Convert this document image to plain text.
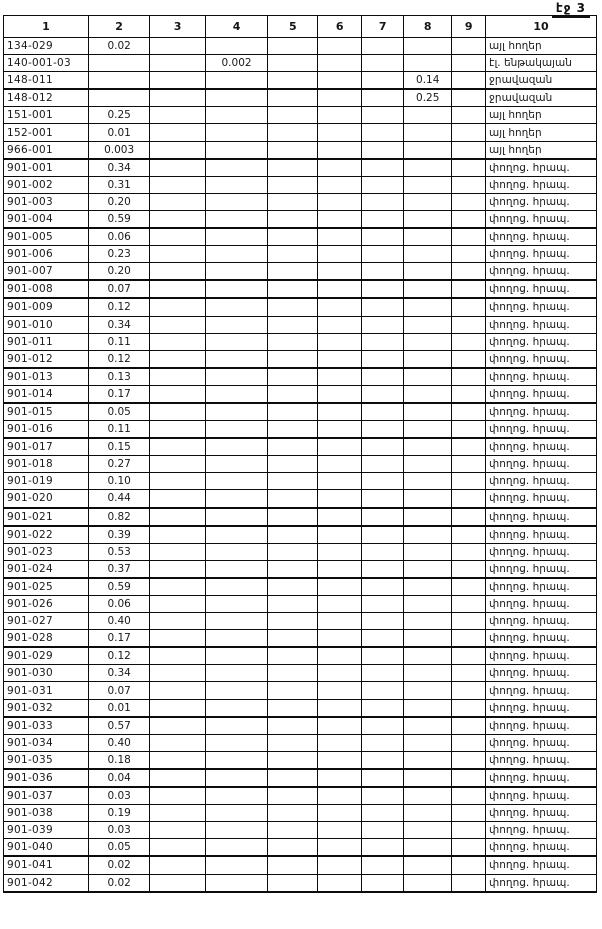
էջ 3
1	2	3	4	5	6	7	8	9	10
134-029	0.02								այլ հողեր
140-001-03			0.002						էլ. ենթակայան
148-011							0.14		ջրավազան
148-012							0.25		ջրավազան
151-001	0.25								այլ հողեր
152-001	0.01								այլ հողեր
966-001	0.003								այլ հողեր
901-001	0.34								փողոց. հրապ.
901-002	0.31								փողոց. հրապ.
901-003	0.20								փողոց. հրապ.
901-004	0.59								փողոց. հրապ.
901-005	0.06								փողոց. հրապ.
901-006	0.23								փողոց. հրապ.
901-007	0.20								փողոց. հրապ.
901-008	0.07								փողոց. հրապ.
901-009	0.12								փողոց. հրապ.
901-010	0.34								փողոց. հրապ.
901-011	0.11								փողոց. հրապ.
901-012	0.12								փողոց. հրապ.
901-013	0.13								փողոց. հրապ.
901-014	0.17								փողոց. հրապ.
901-015	0.05								փողոց. հրապ.
901-016	0.11								փողոց. հրապ.
901-017	0.15								փողոց. հրապ.
901-018	0.27								փողոց. հրապ.
901-019	0.10								փողոց. հրապ.
901-020	0.44								փողոց. հրապ.
901-021	0.82								փողոց. հրապ.
901-022	0.39								փողոց. հրապ.
901-023	0.53								փողոց. հրապ.
901-024	0.37								փողոց. հրապ.
901-025	0.59								փողոց. հրապ.
901-026	0.06								փողոց. հրապ.
901-027	0.40								փողոց. հրապ.
901-028	0.17								փողոց. հրապ.
901-029	0.12								փողոց. հրապ.
901-030	0.34								փողոց. հրապ.
901-031	0.07								փողոց. հրապ.
901-032	0.01								փողոց. հրապ.
901-033	0.57								փողոց. հրապ.
901-034	0.40								փողոց. հրապ.
901-035	0.18								փողոց. հրապ.
901-036	0.04								փողոց. հրապ.
901-037	0.03								փողոց. հրապ.
901-038	0.19								փողոց. հրապ.
901-039	0.03								փողոց. հրապ.
901-040	0.05								փողոց. հրապ.
901-041	0.02								փողոց. հրապ.
901-042	0.02								փողոց. հրապ.
